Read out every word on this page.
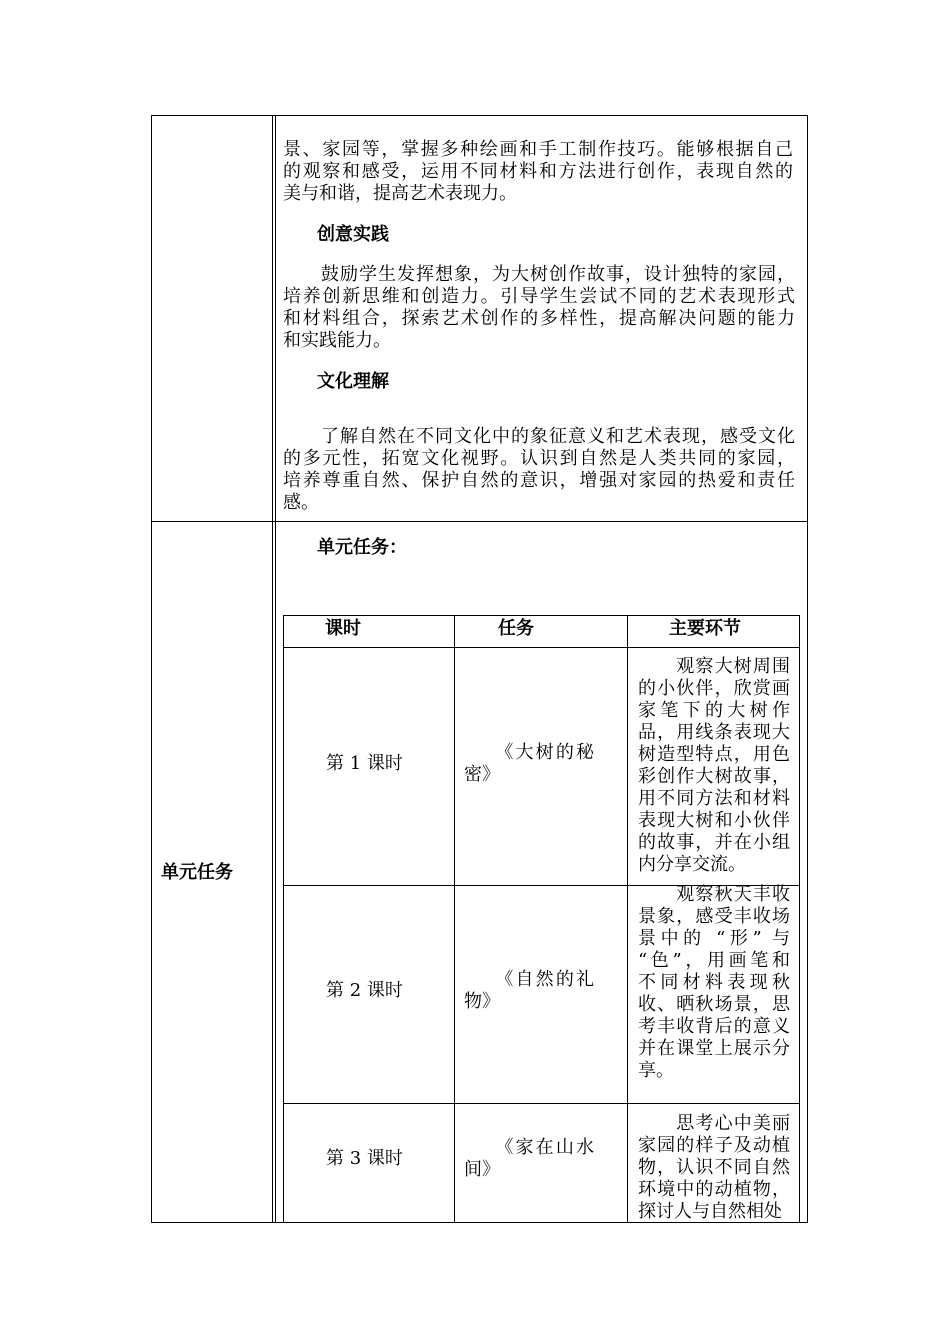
景、家园等，掌握多种绘画和手工制作技巧。能够根据自己
的观察和感受，运用不同材料和方法进行创作，表现自然的
美与和谐，提高艺术表现力。
创意实践
　　鼓励学生发挥想象，为大树创作故事，设计独特的家园，
培养创新思维和创造力。引导学生尝试不同的艺术表现形式
和材料组合，探索艺术创作的多样性，提高解决问题的能力
和实践能力。
文化理解
　　了解自然在不同文化中的象征意义和艺术表现，感受文化
的多元性，拓宽文化视野。认识到自然是人类共同的家园，
培养尊重自然、保护自然的意识，增强对家园的热爱和责任
感。
单元任务
单元任务：
课时	任务	主要环节
第 1 课时
　　《大树的秘
密》
　　观察大树周围
的小伙伴，欣赏画
家笔下的大树作
品，用线条表现大
树造型特点，用色
彩创作大树故事，
用不同方法和材料
表现大树和小伙伴
的故事，并在小组
内分享交流。
第 2 课时
　　《自然的礼
物》
　　观察秋天丰收
景象，感受丰收场
景中的 “形” 与
“色”，用画笔和
不同材料表现秋
收、晒秋场景，思
考丰收背后的意义
并在课堂上展示分
享。
第 3 课时
　　《家在山水
间》
　　思考心中美丽
家园的样子及动植
物，认识不同自然
环境中的动植物，
探讨人与自然相处
